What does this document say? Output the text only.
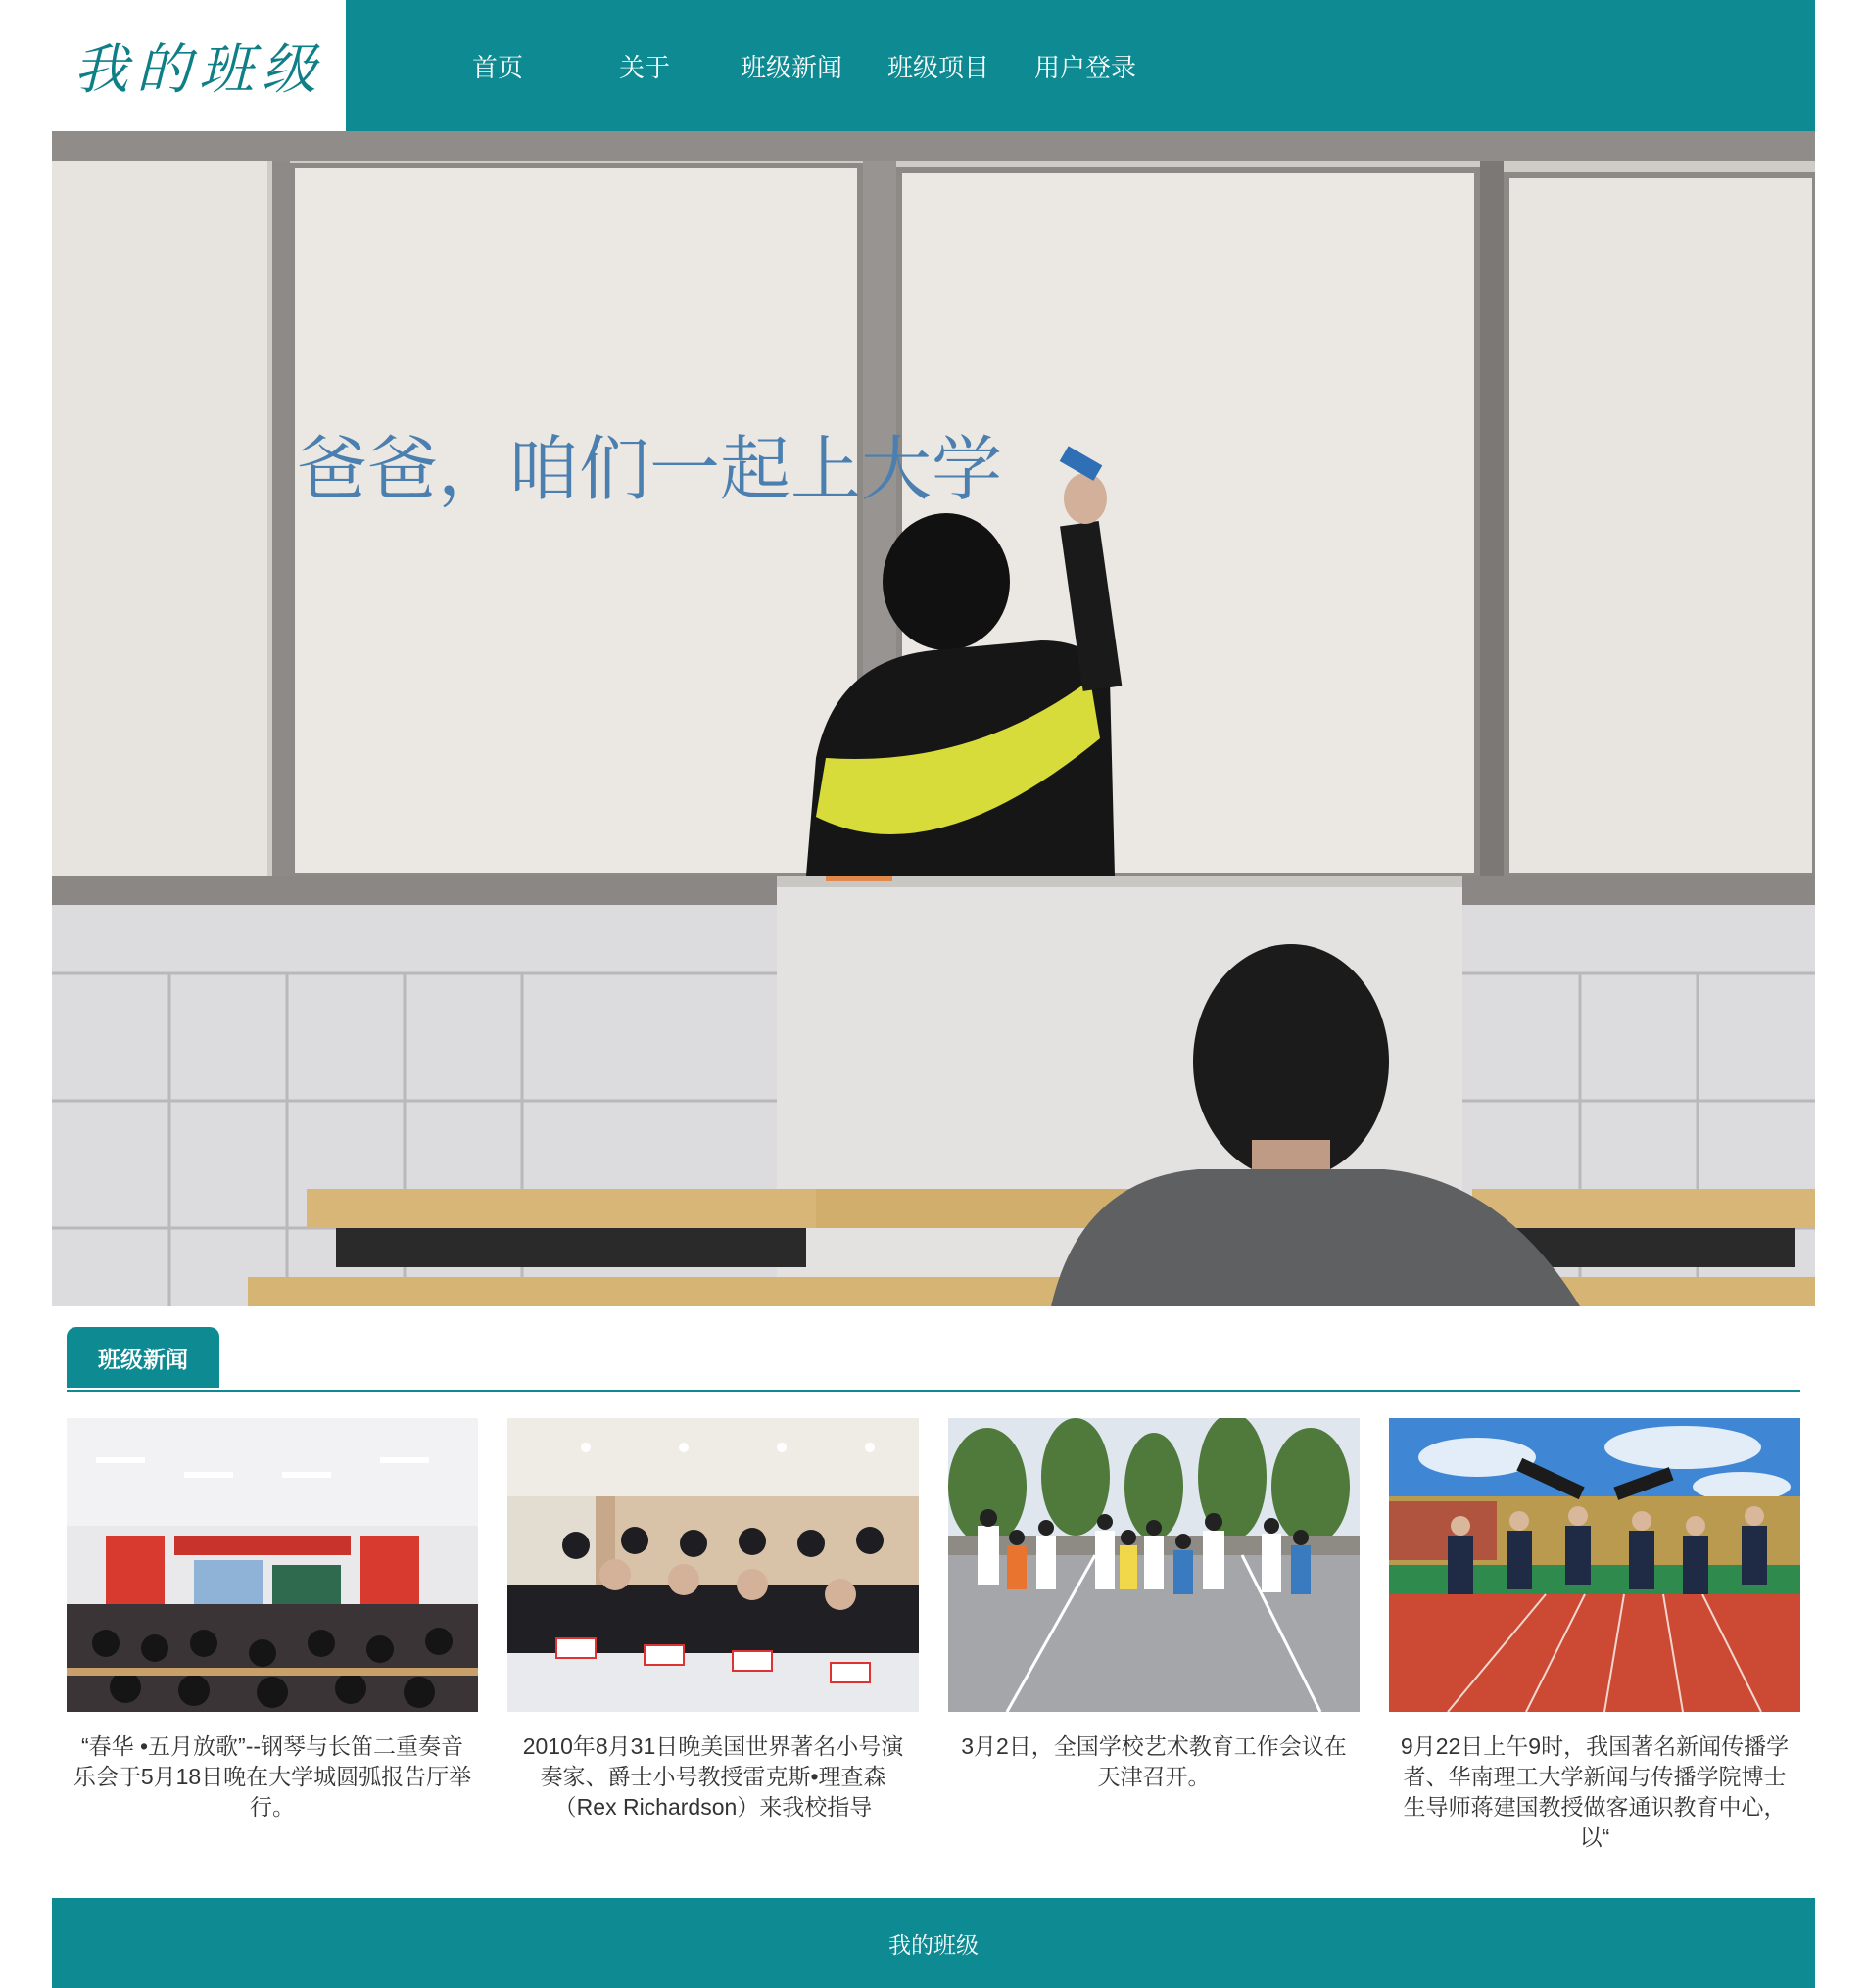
我的班级	首页	关于	班级新闻	班级项目	用户登录
爸爸，咱们一起上大学
班级新闻
“春华 •五月放歌”--钢琴与长笛二重奏音乐会于5月18日晚在大学城圆弧报告厅举行。
2010年8月31日晚美国世界著名小号演奏家、爵士小号教授雷克斯•理查森（Rex Richardson）来我校指导
3月2日，全国学校艺术教育工作会议在天津召开。
9月22日上午9时，我国著名新闻传播学者、华南理工大学新闻与传播学院博士生导师蒋建国教授做客通识教育中心，以“
我的班级
